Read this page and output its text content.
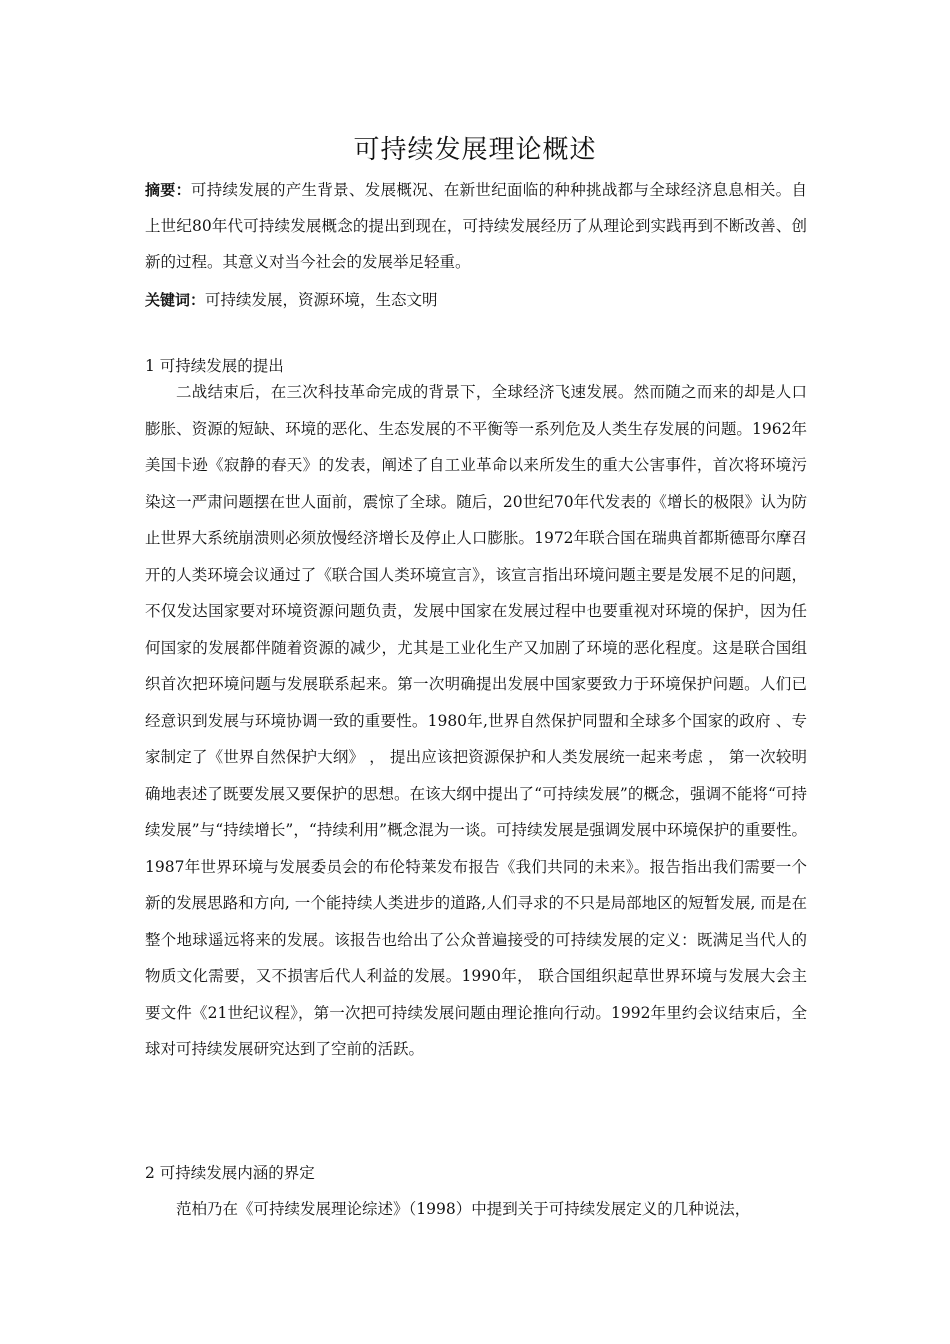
可持续发展理论概述
摘要：可持续发展的产生背景、发展概况、在新世纪面临的种种挑战都与全球经济息息相关。自上世纪80年代可持续发展概念的提出到现在，可持续发展经历了从理论到实践再到不断改善、创新的过程。其意义对当今社会的发展举足轻重。
关键词：可持续发展，资源环境，生态文明
1 可持续发展的提出

二战结束后，在三次科技革命完成的背景下，全球经济飞速发展。然而随之而来的却是人口膨胀、资源的短缺、环境的恶化、生态发展的不平衡等一系列危及人类生存发展的问题。1962年美国卡逊《寂静的春天》的发表，阐述了自工业革命以来所发生的重大公害事件，首次将环境污染这一严肃问题摆在世人面前，震惊了全球。随后，20世纪70年代发表的《增长的极限》认为防止世界大系统崩溃则必须放慢经济增长及停止人口膨胀。1972年联合国在瑞典首都斯德哥尔摩召开的人类环境会议通过了《联合国人类环境宣言》，该宣言指出环境问题主要是发展不足的问题，不仅发达国家要对环境资源问题负责，发展中国家在发展过程中也要重视对环境的保护，因为任何国家的发展都伴随着资源的减少，尤其是工业化生产又加剧了环境的恶化程度。这是联合国组织首次把环境问题与发展联系起来。第一次明确提出发展中国家要致力于环境保护问题。人们已经意识到发展与环境协调一致的重要性。1980年,世界自然保护同盟和全球多个国家的政府 、专家制定了《世界自然保护大纲》 ， 提出应该把资源保护和人类发展统一起来考虑 ， 第一次较明确地表述了既要发展又要保护的思想。在该大纲中提出了“可持续发展”的概念，强调不能将“可持续发展”与“持续增长”，“持续利用”概念混为一谈。可持续发展是强调发展中环境保护的重要性。1987年世界环境与发展委员会的布伦特莱发布报告《我们共同的未来》。报告指出我们需要一个新的发展思路和方向, 一个能持续人类进步的道路,人们寻求的不只是局部地区的短暂发展, 而是在整个地球遥远将来的发展。该报告也给出了公众普遍接受的可持续发展的定义：既满足当代人的物质文化需要，又不损害后代人利益的发展。1990年， 联合国组织起草世界环境与发展大会主要文件《21世纪议程》，第一次把可持续发展问题由理论推向行动。1992年里约会议结束后，全球对可持续发展研究达到了空前的活跃。

2 可持续发展内涵的界定

范柏乃在《可持续发展理论综述》（1998）中提到关于可持续发展定义的几种说法，
